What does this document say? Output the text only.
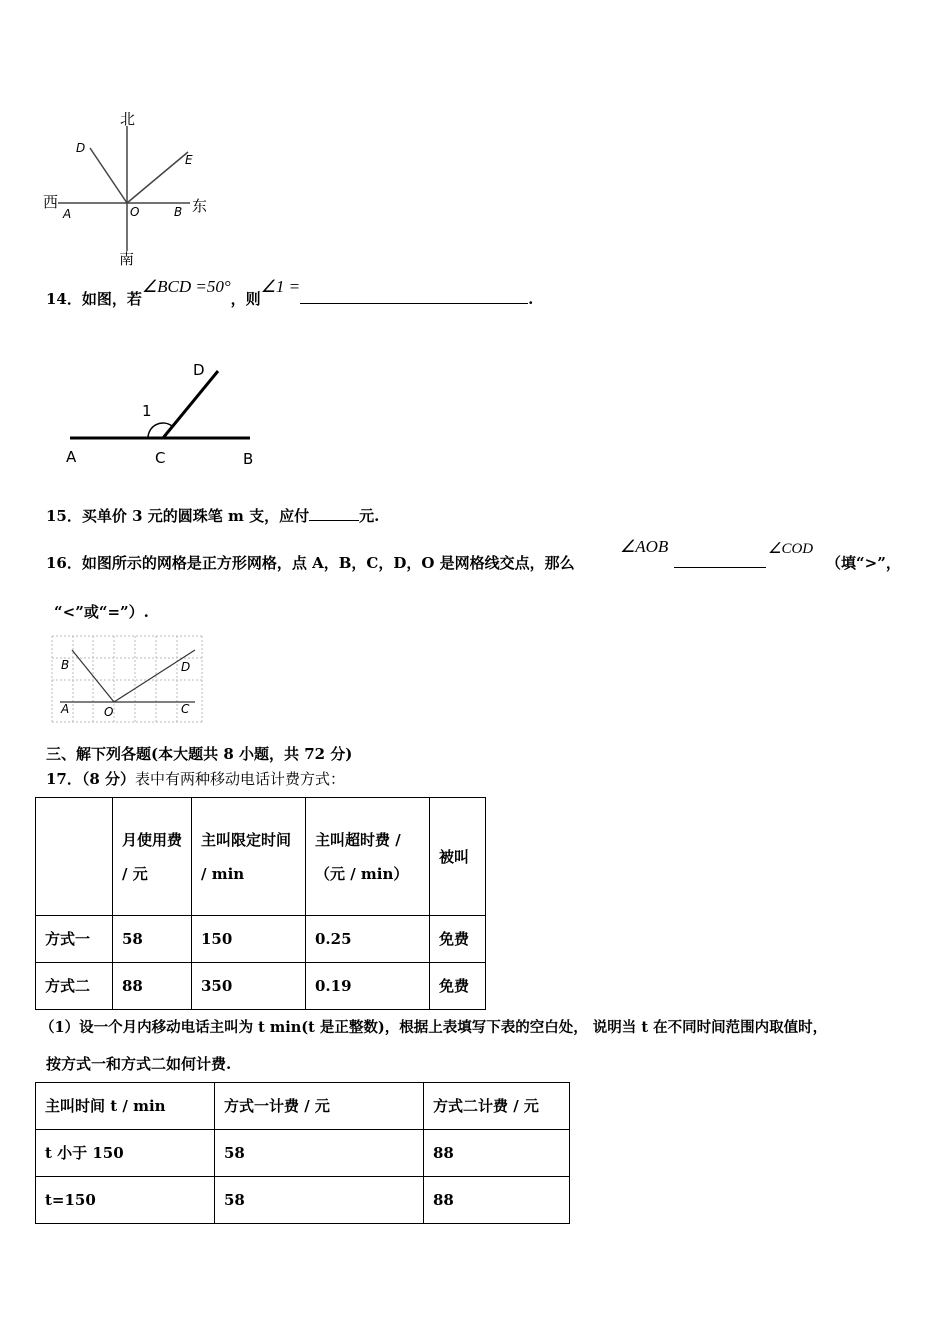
北
南
西	东
A	O	B
D
E
14．如图，若∠BCD =50°，则∠1 =.
A	C	B
D
1
15．买单价 3 元的圆珠笔 m 支，应付	元.
16．如图所示的网格是正方形网格，点 A，B，C，D，O 是网格线交点，那么
∠AOB	∠COD
（填“>”，
“<”或“=”）.
B	D
A	O	C
三、解下列各题(本大题共 8 小题，共 72 分)
17．（8 分）表中有两种移动电话计费方式：
	月使用费 / 元	主叫限定时间 / min	主叫超时费 /（元 / min）	被叫
方式一	58	150	0.25	免费
方式二	88	350	0.19	免费
（1）设一个月内移动电话主叫为 t min(t 是正整数)，根据上表填写下表的空白处， 说明当 t 在不同时间范围内取值时，
按方式一和方式二如何计费.
主叫时间 t / min	方式一计费 / 元	方式二计费 / 元
t 小于 150	58	88
t=150	58	88
